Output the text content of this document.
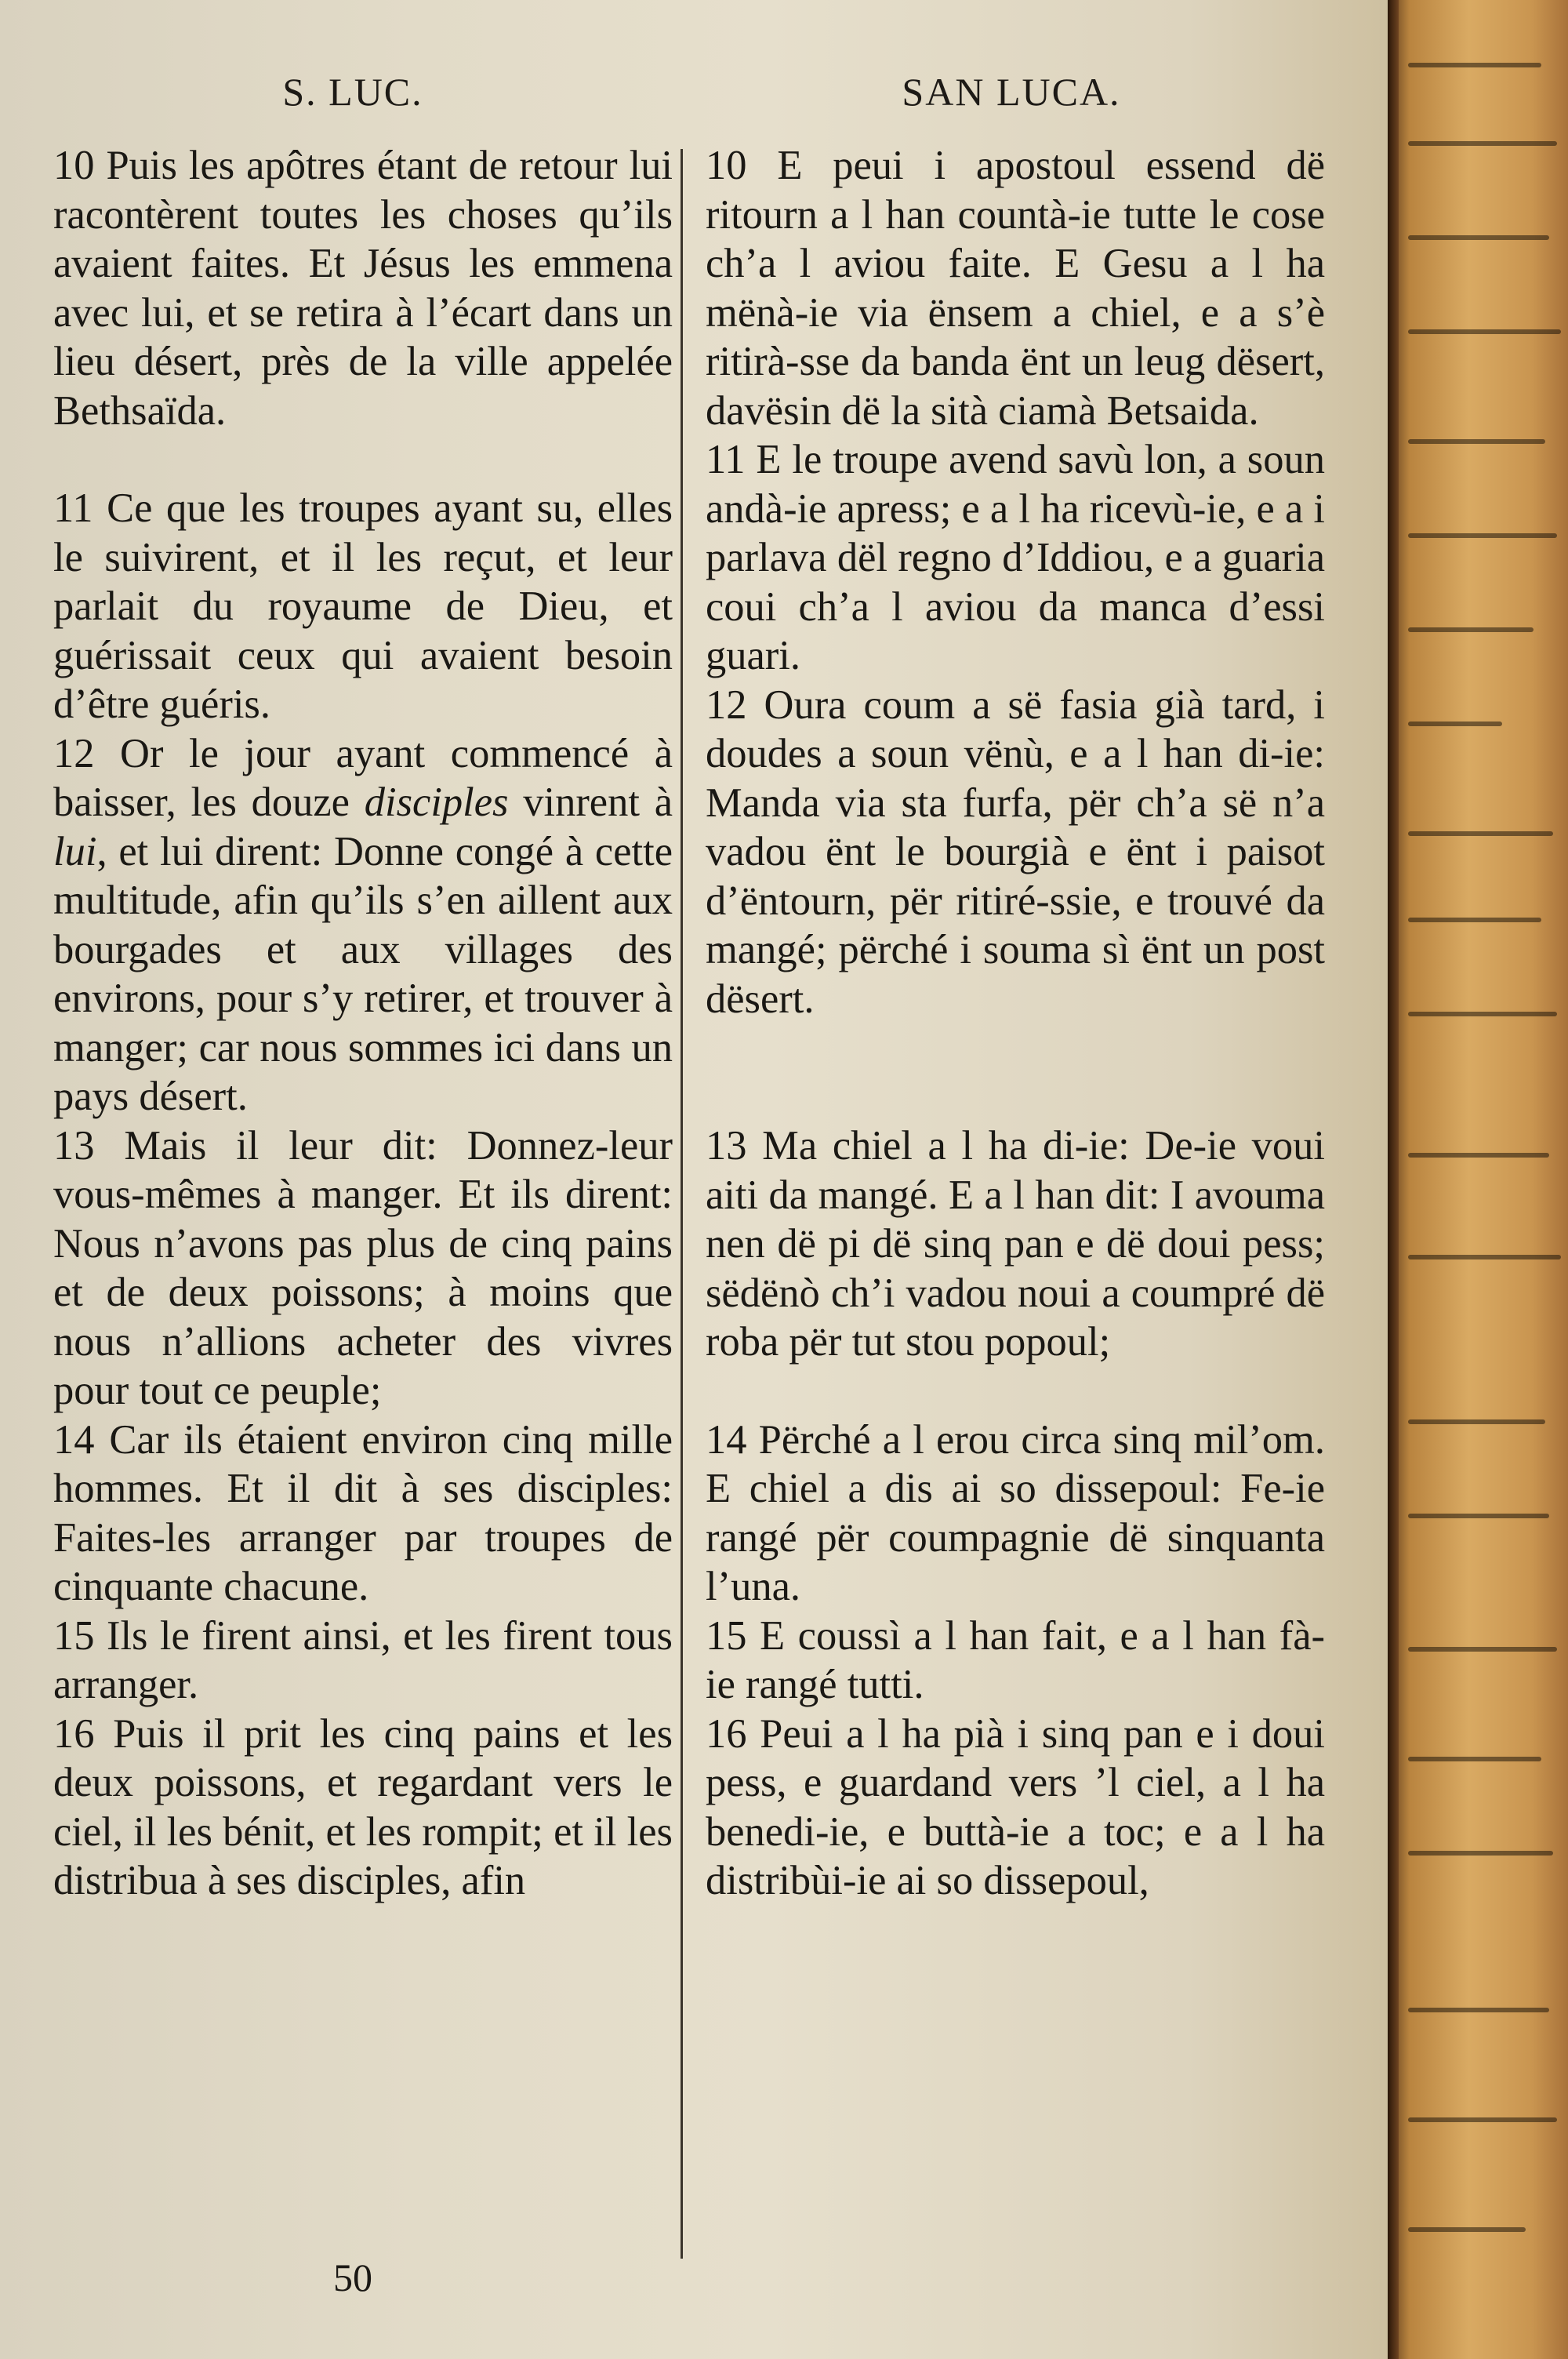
S. LUC.	SAN LUCA.

10 Puis les apôtres étant de retour lui racontèrent toutes les choses qu’ils avaient faites. Et Jésus les emmena avec lui, et se retira à l’écart dans un lieu désert, près de la ville appelée Bethsaïda.

11 Ce que les troupes ayant su, elles le suivirent, et il les reçut, et leur parlait du royaume de Dieu, et guérissait ceux qui avaient besoin d’être guéris.

12 Or le jour ayant commencé à baisser, les douze disciples vinrent à lui, et lui dirent: Donne congé à cette multitude, afin qu’ils s’en aillent aux bourgades et aux villages des environs, pour s’y retirer, et trouver à manger; car nous sommes ici dans un pays désert.

13 Mais il leur dit: Donnez-leur vous-mêmes à manger. Et ils dirent: Nous n’avons pas plus de cinq pains et de deux poissons; à moins que nous n’allions acheter des vivres pour tout ce peuple;

14 Car ils étaient environ cinq mille hommes. Et il dit à ses disciples: Faites-les arranger par troupes de cinquante chacune.

15 Ils le firent ainsi, et les firent tous arranger.

16 Puis il prit les cinq pains et les deux poissons, et regardant vers le ciel, il les bénit, et les rompit; et il les distribua à ses disciples, afin

10 E peui i apostoul essend dë ritourn a l han countà-ie tutte le cose ch’a l aviou faite. E Gesu a l ha mënà-ie via ënsem a chiel, e a s’è ritirà-sse da banda ënt un leug dësert, davësin dë la sità ciamà Betsaida.

11 E le troupe avend savù lon, a soun andà-ie apress; e a l ha ricevù-ie, e a i parlava dël regno d’Iddiou, e a guaria coui ch’a l aviou da manca d’essi guari.

12 Oura coum a së fasia già tard, i doudes a soun vënù, e a l han di-ie: Manda via sta furfa, për ch’a së n’a vadou ënt le bourgià e ënt i paisot d’ëntourn, për ritiré-ssie, e trouvé da mangé; përché i souma sì ënt un post dësert.

13 Ma chiel a l ha di-ie: De-ie voui aiti da mangé. E a l han dit: I avouma nen dë pi dë sinq pan e dë doui pess; sëdënò ch’i vadou noui a coumpré dë roba për tut stou popoul;

14 Përché a l erou circa sinq mil’om. E chiel a dis ai so dissepoul: Fe-ie rangé për coumpagnie dë sinquanta l’una.

15 E coussì a l han fait, e a l han fà-ie rangé tutti.

16 Peui a l ha pià i sinq pan e i doui pess, e guardand vers ’l ciel, a l ha benedi-ie, e buttà-ie a toc; e a l ha distribùi-ie ai so dissepoul,

50
